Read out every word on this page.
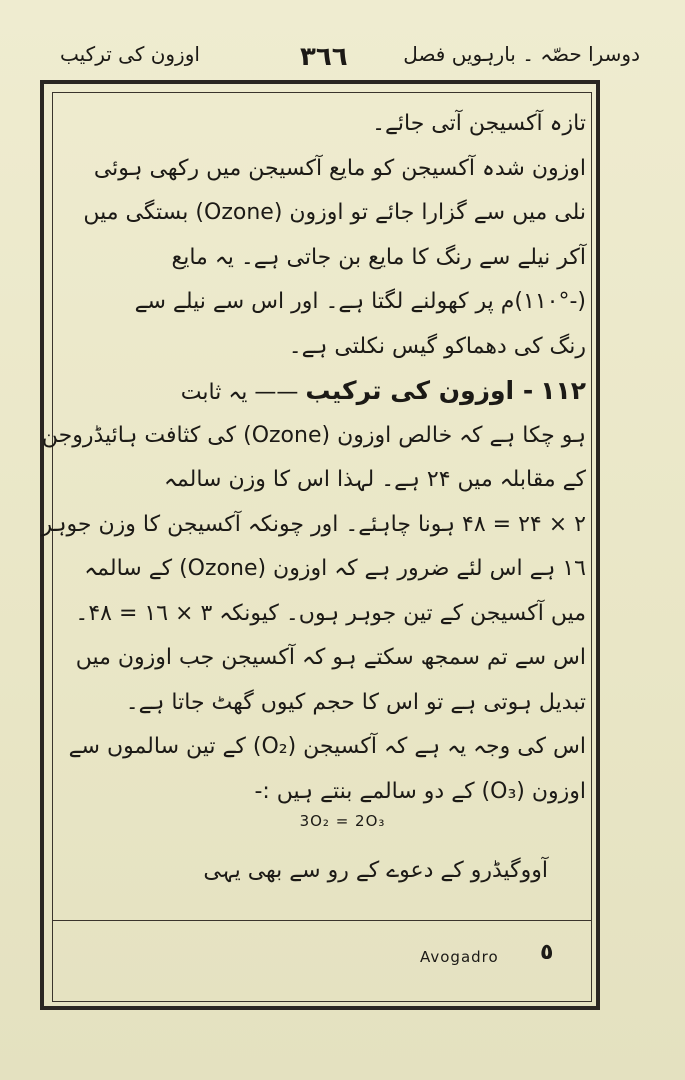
دوسرا حصّہ ۔ بارہویں فصل
۳٦٦
اوزون کی ترکیب
تازہ آکسیجن آتی جائے۔
اوزون شدہ آکسیجن کو مایع آکسیجن میں رکھی ہوئی
نلی میں سے گزارا جائے تو اوزون (Ozone) بستگی میں
آکر نیلے سے رنگ کا مایع بن جاتی ہے۔ یہ مایع
(-۱۱۰°)م پر کھولنے لگتا ہے۔ اور اس سے نیلے سے
رنگ کی دھماکو گیس نکلتی ہے۔
۱۱۲ - اوزون کی ترکیب —— یہ ثابت
ہو چکا ہے کہ خالص اوزون (Ozone) کی کثافت ہائیڈروجن
کے مقابلہ میں ۲۴ ہے۔ لہذا اس کا وزن سالمہ
۲ × ۲۴ = ۴۸ ہونا چاہئے۔ اور چونکہ آکسیجن کا وزن جوہر
۱٦ ہے اس لئے ضرور ہے کہ اوزون (Ozone) کے سالمہ
میں آکسیجن کے تین جوہر ہوں۔ کیونکہ ۳ × ۱٦ = ۴۸۔
اس سے تم سمجھ سکتے ہو کہ آکسیجن جب اوزون میں
تبدیل ہوتی ہے تو اس کا حجم کیوں گھٹ جاتا ہے۔
اس کی وجہ یہ ہے کہ آکسیجن (O₂) کے تین سالموں سے
اوزون (O₃) کے دو سالمے بنتے ہیں :-
3O₂ = 2O₃
آووگیڈرو کے دعوے کے رو سے بھی یہی
Avogadro ٥
